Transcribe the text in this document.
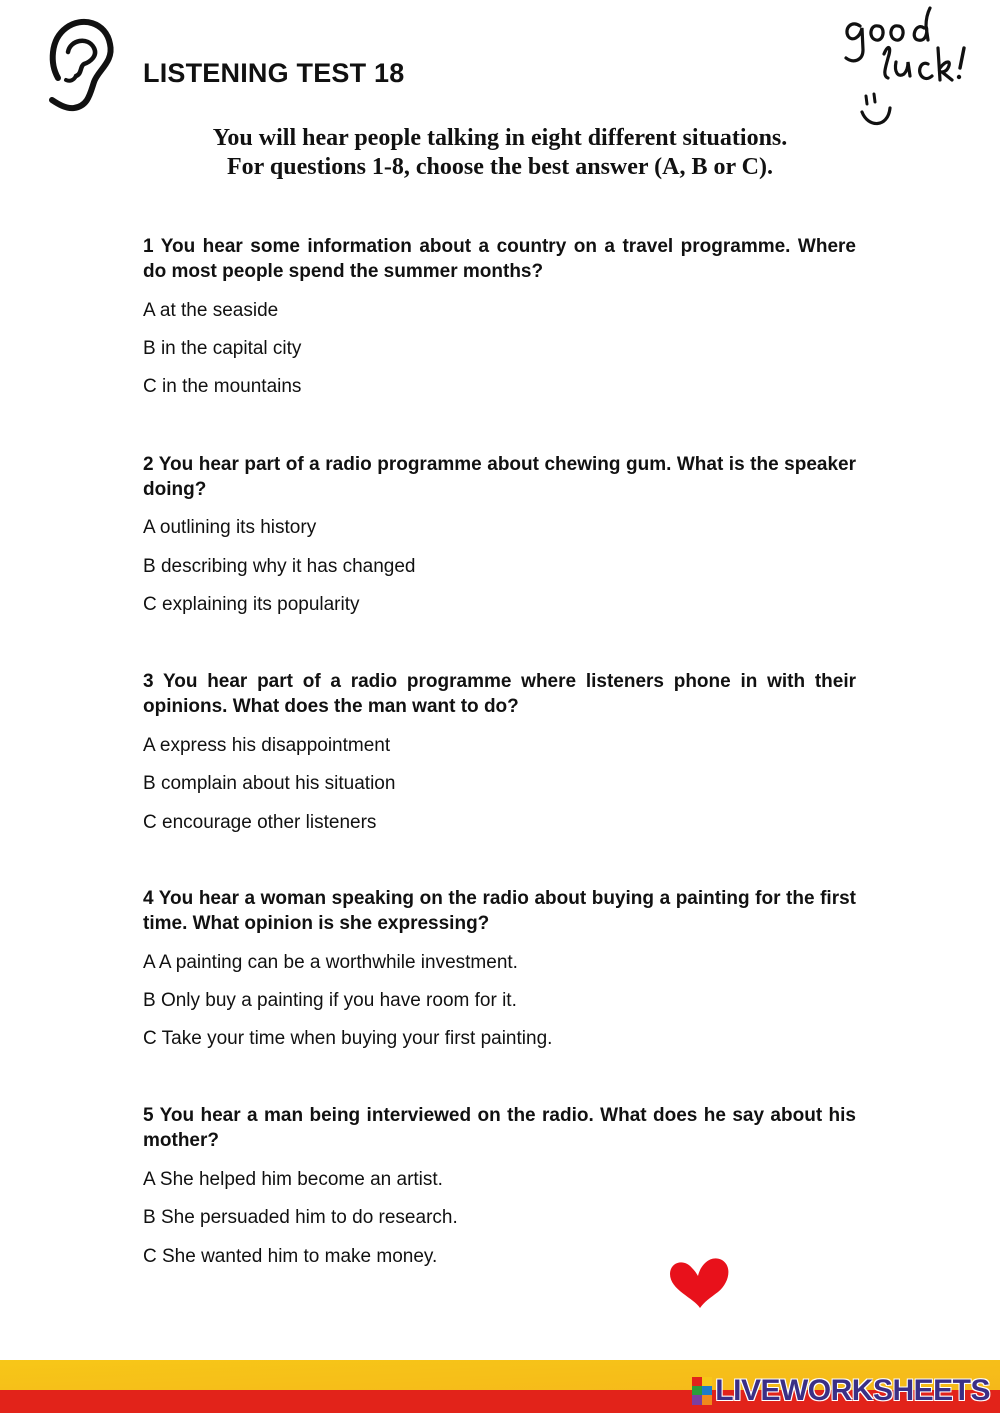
LISTENING TEST 18
You will hear people talking in eight different situations.
For questions 1-8, choose the best answer (A, B or C).
1 You hear some information about a country on a travel programme. Where do most people spend the summer months?
A at the seaside
B in the capital city
C in the mountains
2 You hear part of a radio programme about chewing gum. What is the speaker doing?
A outlining its history
B describing why it has changed
C explaining its popularity
3 You hear part of a radio programme where listeners phone in with their opinions. What does the man want to do?
A express his disappointment
B complain about his situation
C encourage other listeners
4 You hear a woman speaking on the radio about buying a painting for the first time. What opinion is she expressing?
A A painting can be a worthwhile investment.
B Only buy a painting if you have room for it.
C Take your time when buying your first painting.
5 You hear a man being interviewed on the radio. What does he say about his mother?
A She helped him become an artist.
B She persuaded him to do research.
C She wanted him to make money.
LIVEWORKSHEETS
